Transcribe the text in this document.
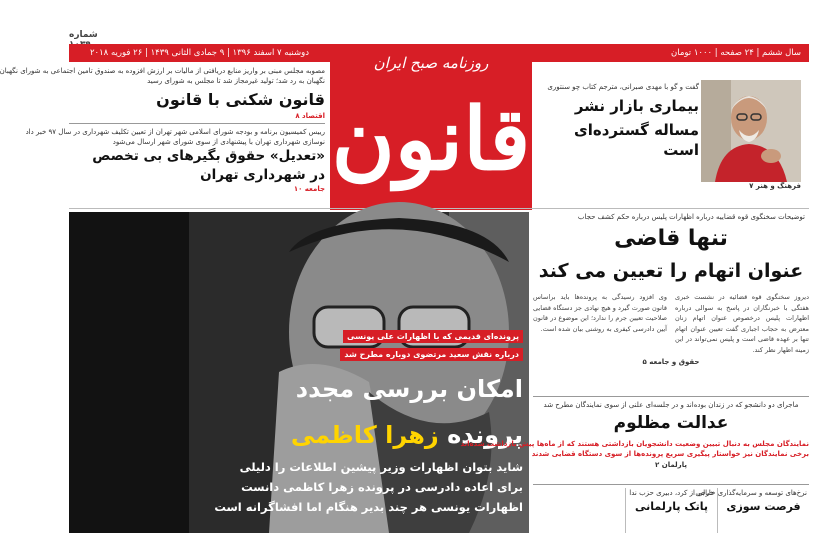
شماره
سال ششم | ۲۴ صفحه | ۱۰۰۰ تومان
دوشنبه ۷ اسفند ۱۳۹۶ | ۹ جمادی الثانی ۱۴۳۹ | ۲۶ فوریه ۲۰۱۸
روزنامه صبح ایران
قانون
مصوبه مجلس مبنی بر واریز منابع دریافتی از مالیات بر ارزش افزوده به صندوق تامین اجتماعی به شورای نگهبان
نگهبان به رد شد؛ تولید غیرمجاز شد تا مجلس به شورای رسید
قانون شکنی با قانون
اقتصاد ۸
رییس کمیسیون برنامه و بودجه شورای اسلامی شهر تهران از تعیین تکلیف شهرداری در سال ۹۷ خبر داد
نوسازی شهرداری تهران با پیشنهادی از سوی شورای شهر ارسال می‌شود
«تعدیل» حقوق بگیرهای بی تخصص
در شهرداری تهران
جامعه ۱۰
گفت و گو با مهدی صبرانی، مترجم کتاب چو سنتوری
بیماری بازار نشر
مساله گسترده‌ای است
فرهنگ و هنر ۷
پرونده‌ای قدیمی که با اظهارات علی یونسی
درباره نقش سعید مرتضوی دوباره مطرح شد
امکان بررسی مجدد
پرونده زهرا کاظمی
شاید بتوان اظهارات وزیر پیشین اطلاعات را دلیلی
برای اعاده دادرسی در پرونده زهرا کاظمی دانست
اظهارات یونسی هر چند بدیر هنگام اما افشاگرانه است
توضیحات سخنگوی قوه قضاییه درباره اظهارات پلیس درباره حکم کشف حجاب
تنها قاضی
عنوان اتهام را تعیین می کند
دیروز سخنگوی قوه قضائیه در نشست خبری هفتگی با خبرنگاران در پاسخ به سوالی درباره اظهارات پلیس درخصوص عنوان اتهام زنان معترض به حجاب اجباری گفت تعیین عنوان اتهام تنها بر عهده قاضی است و پلیس نمی‌تواند در این زمینه اظهار نظر کند.
وی افزود رسیدگی به پرونده‌ها باید براساس قانون صورت گیرد و هیچ نهادی جز دستگاه قضایی صلاحیت تعیین جرم را ندارد؛ این موضوع در قانون آیین دادرسی کیفری به روشنی بیان شده است.
حقوق و جامعه ۵
ماجرای دو دانشجو که در زندان بوده‌اند و در جلسه‌ای علنی از سوی نمایندگان مطرح شد
عدالت مظلوم
نمایندگان مجلس به دنبال تبیین وضعیت دانشجویان بازداشتی هستند که از ماه‌ها پیش بازداشت شده‌اند
برخی نمایندگان نیز خواستار پیگیری سریع پرونده‌ها از سوی دستگاه قضایی شدند
پارلمان ۲
نرخ‌های توسعه و سرمایه‌گذاری خارجی
فرصت سوزی
خیالی از کرد، دبیری حزب ندا
پاتک پارلمانی
